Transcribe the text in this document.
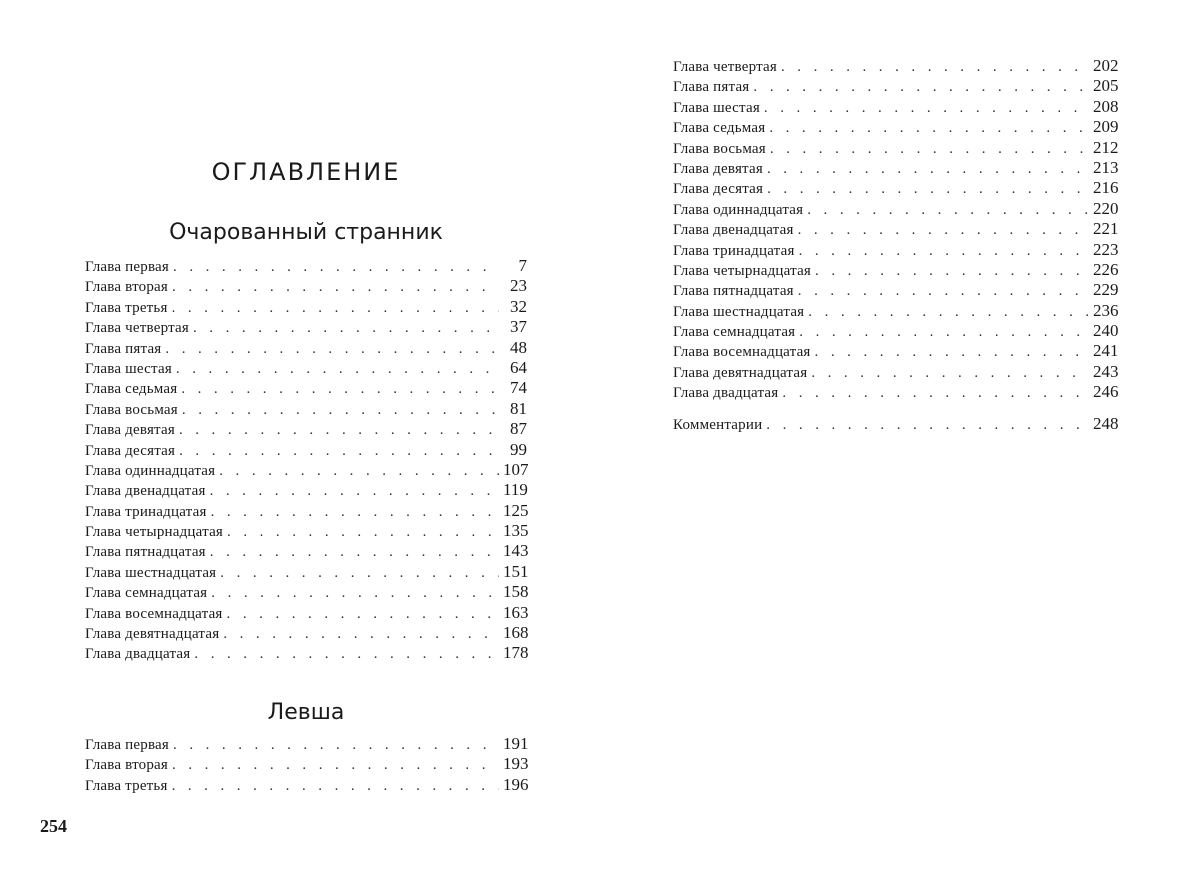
ОГЛАВЛЕНИЕ
Очарованный странник
Глава первая . . .	7
Глава вторая . . .	23
Глава третья . . .	32
Глава четвертая . . .	37
Глава пятая . . .	48
Глава шестая . . .	64
Глава седьмая . . .	74
Глава восьмая . . .	81
Глава девятая . . .	87
Глава десятая . . .	99
Глава одиннадцатая . . .	107
Глава двенадцатая . . .	119
Глава тринадцатая . . .	125
Глава четырнадцатая . . .	135
Глава пятнадцатая . . .	143
Глава шестнадцатая . . .	151
Глава семнадцатая . . .	158
Глава восемнадцатая . . .	163
Глава девятнадцатая . . .	168
Глава двадцатая . . .	178
Левша
Глава первая . . .	191
Глава вторая . . .	193
Глава третья . . .	196

254

Глава четвертая . . .	202
Глава пятая . . .	205
Глава шестая . . .	208
Глава седьмая . . .	209
Глава восьмая . . .	212
Глава девятая . . .	213
Глава десятая . . .	216
Глава одиннадцатая . . .	220
Глава двенадцатая . . .	221
Глава тринадцатая . . .	223
Глава четырнадцатая . . .	226
Глава пятнадцатая . . .	229
Глава шестнадцатая . . .	236
Глава семнадцатая . . .	240
Глава восемнадцатая . . .	241
Глава девятнадцатая . . .	243
Глава двадцатая . . .	246
Комментарии . . .	248
